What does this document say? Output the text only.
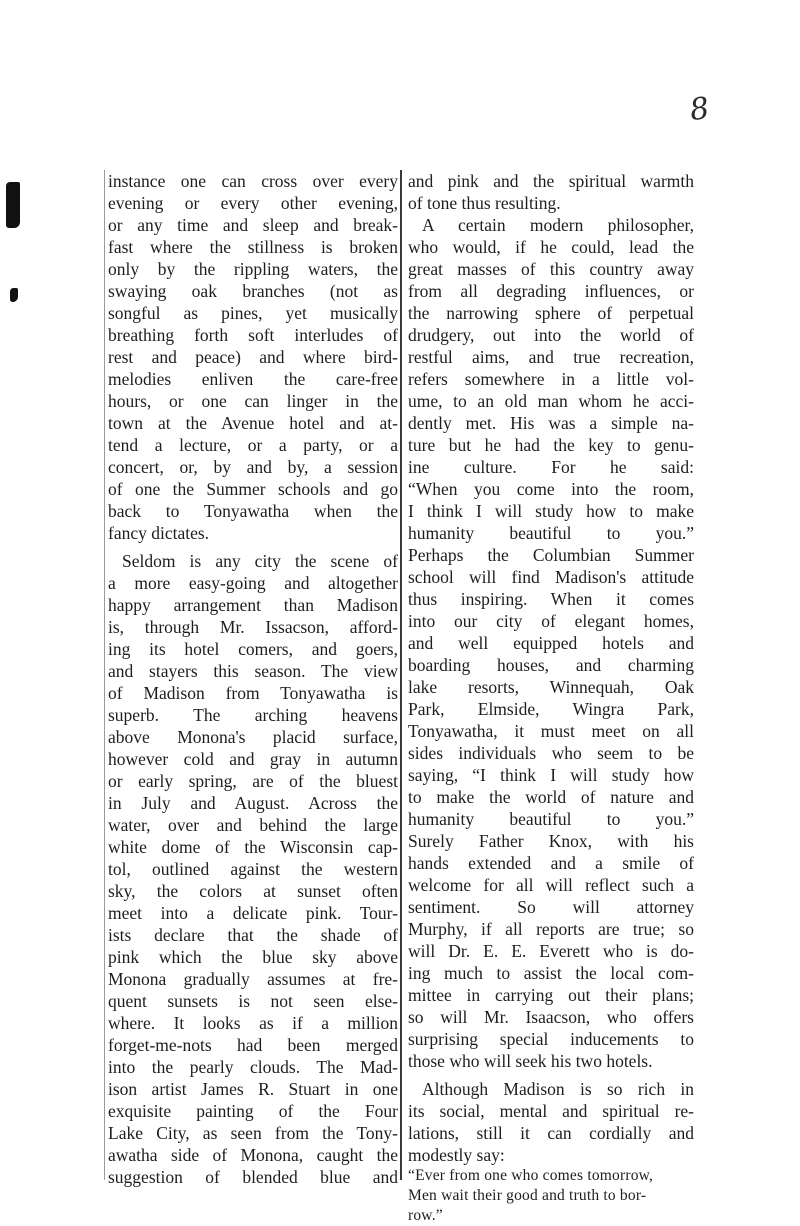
8
instance one can cross over every
evening or every other evening,
or any time and sleep and break-
fast where the stillness is broken
only by the rippling waters, the
swaying oak branches (not as
songful as pines, yet musically
breathing forth soft interludes of
rest and peace) and where bird-
melodies enliven the care-free
hours, or one can linger in the
town at the Avenue hotel and at-
tend a lecture, or a party, or a
concert, or, by and by, a session
of one the Summer schools and go
back to Tonyawatha when the
fancy dictates.
Seldom is any city the scene of
a more easy-going and altogether
happy arrangement than Madison
is, through Mr. Issacson, afford-
ing its hotel comers, and goers,
and stayers this season. The view
of Madison from Tonyawatha is
superb. The arching heavens
above Monona's placid surface,
however cold and gray in autumn
or early spring, are of the bluest
in July and August. Across the
water, over and behind the large
white dome of the Wisconsin cap-
tol, outlined against the western
sky, the colors at sunset often
meet into a delicate pink. Tour-
ists declare that the shade of
pink which the blue sky above
Monona gradually assumes at fre-
quent sunsets is not seen else-
where. It looks as if a million
forget-me-nots had been merged
into the pearly clouds. The Mad-
ison artist James R. Stuart in one
exquisite painting of the Four
Lake City, as seen from the Tony-
awatha side of Monona, caught the
suggestion of blended blue and
and pink and the spiritual warmth
of tone thus resulting.
A certain modern philosopher,
who would, if he could, lead the
great masses of this country away
from all degrading influences, or
the narrowing sphere of perpetual
drudgery, out into the world of
restful aims, and true recreation,
refers somewhere in a little vol-
ume, to an old man whom he acci-
dently met. His was a simple na-
ture but he had the key to genu-
ine culture. For he said:
“When you come into the room,
I think I will study how to make
humanity beautiful to you.”
Perhaps the Columbian Summer
school will find Madison's attitude
thus inspiring. When it comes
into our city of elegant homes,
and well equipped hotels and
boarding houses, and charming
lake resorts, Winnequah, Oak
Park, Elmside, Wingra Park,
Tonyawatha, it must meet on all
sides individuals who seem to be
saying, “I think I will study how
to make the world of nature and
humanity beautiful to you.”
Surely Father Knox, with his
hands extended and a smile of
welcome for all will reflect such a
sentiment. So will attorney
Murphy, if all reports are true; so
will Dr. E. E. Everett who is do-
ing much to assist the local com-
mittee in carrying out their plans;
so will Mr. Isaacson, who offers
surprising special inducements to
those who will seek his two hotels.
Although Madison is so rich in
its social, mental and spiritual re-
lations, still it can cordially and
modestly say:
“Ever from one who comes tomorrow,
Men wait their good and truth to bor-
row.”
